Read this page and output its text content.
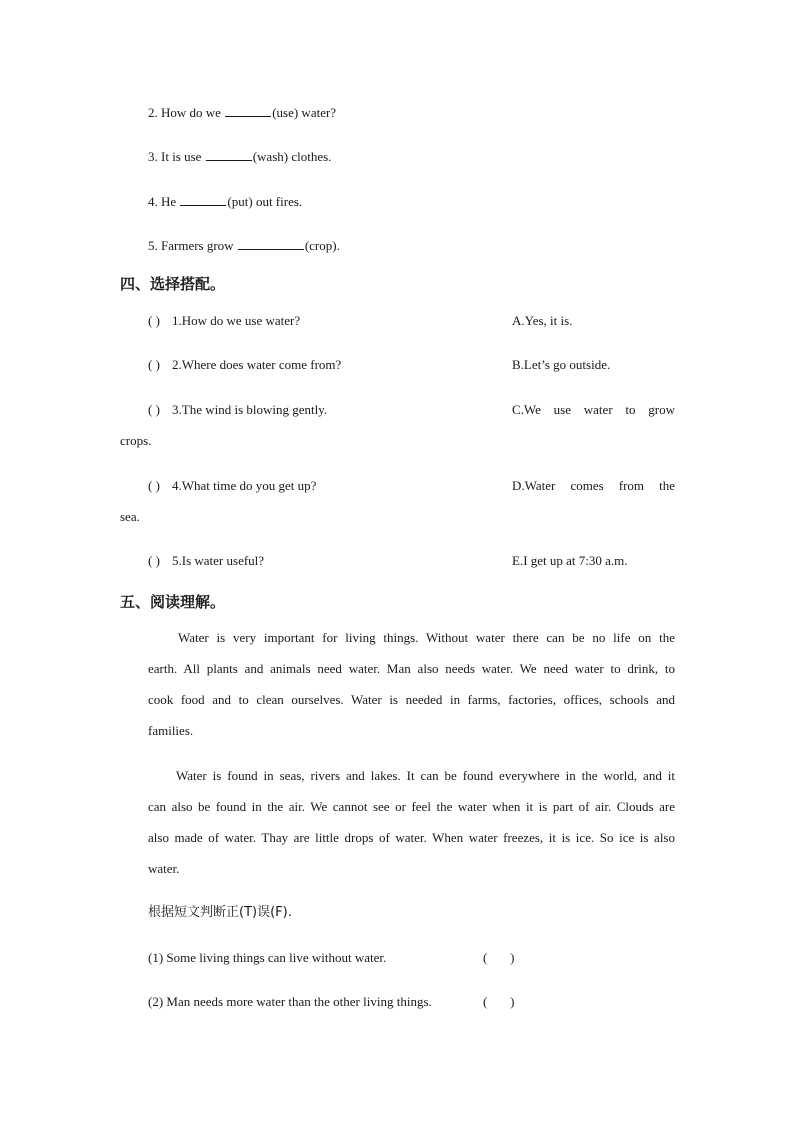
2. How do we	(use) water?
3. It is use	(wash) clothes.
4. He	(put) out fires.
5. Farmers grow	(crop).
四、选择搭配。
( ) 1.How do we use water?	A.Yes, it is.
( ) 2.Where does water come from?	B.Let’s go outside.
( ) 3.The wind is blowing gently.	C.We use water to grow
crops.
( ) 4.What time do you get up?	D.Water comes from the
sea.
( ) 5.Is water useful?	E.I get up at 7:30 a.m.
五、阅读理解。
Water is very important for living things. Without water there can be no life on the
earth. All plants and animals need water. Man also needs water. We need water to drink, to
cook food and to clean ourselves. Water is needed in farms, factories, offices, schools and
families.
Water is found in seas, rivers and lakes. It can be found everywhere in the world, and it
can also be found in the air. We cannot see or feel the water when it is part of air. Clouds are
also made of water. Thay are little drops of water. When water freezes, it is ice. So ice is also
water.
根据短文判断正(T)误(F).
(1) Some living things can live without water.	(       )
(2) Man needs more water than the other living things.	(       )
